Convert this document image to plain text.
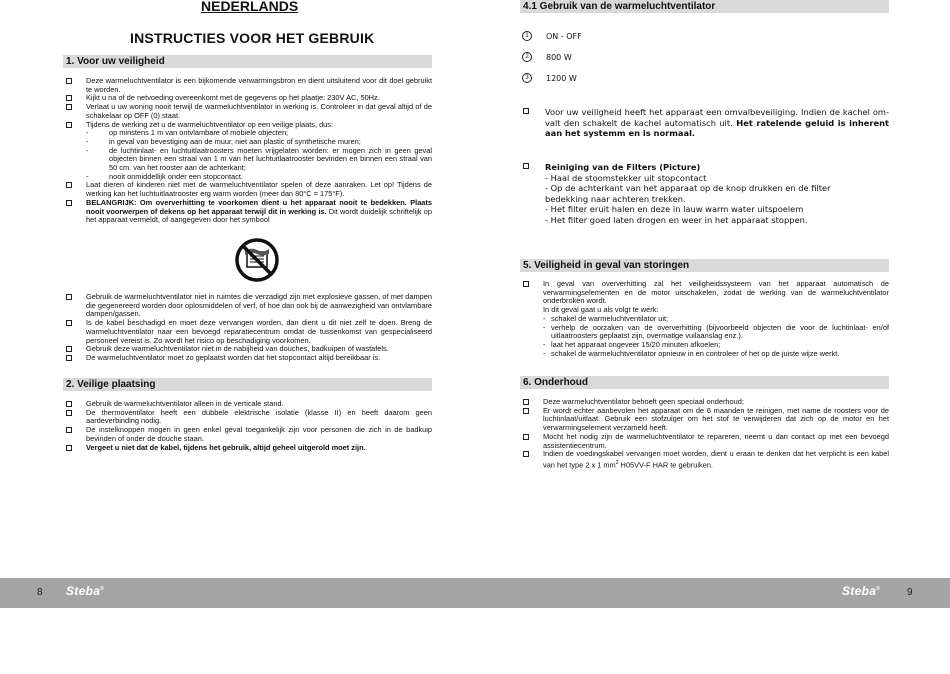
NEDERLANDS
INSTRUCTIES VOOR HET GEBRUIK
1. Voor uw veiligheid
Deze warmeluchtventilator is een bijkomende verwarmingsbron en dient uitsluitend voor dit doel gebruikt te worden.
Kijkt u na of de netvoeding overeenkomt met de gegevens op het plaatje: 230V AC, 50Hz.
Verlaat u uw woning nooit terwijl de warmeluchtventilator in werking is. Controleer in dat geval altijd of de schakelaar op OFF (0) staat.
Tijdens de werking zet u de warmeluchtventilator op een veilige plaats, dus:
-	op minstens 1 m van ontvlambare of mobiele objecten;
-	in geval van bevestiging aan de muur, niet aan plastic of synthetische muren;
-	de luchtinlaat- en luchtuitlaatroosters moeten vrijgelaten worden: er mogen zich in geen geval objecten binnen een straal van 1 m van het luchtuitlaatrooster bevinden en binnen een straal van 50 cm. van het rooster aan de achterkant;
-	nooit onmiddellijk onder een stopcontact.
Laat dieren of kinderen niet met de warmeluchtventilator spelen of deze aanraken. Let op! Tijdens de werking kan het luchtuitlaatrooster erg warm worden (meer dan 80°C = 175°F).
BELANGRIJK: Om oververhitting te voorkomen dient u het apparaat nooit te bedekken. Plaats nooit voorwerpen of dekens op het apparaat terwijl dit in werking is. Dit wordt duidelijk schriftelijk op het apparaat vermeldt, of aangegeven door het symbool
Gebruik de warmeluchtventilator niet in ruimtes die verzadigd zijn met explosieve gassen, of met dampen die gegenereerd worden door oplosmiddelen of verf, of hoe dan ook bij de aanwezigheid van ontvlambare dampen/gassen.
Is de kabel beschadigd en moet deze vervangen worden, dan dient u dit niet zelf te doen. Breng de warmeluchtventilator naar een bevoegd reparatiecentrum omdat de tussenkomst van gespecialiseerd personeel vereist is. Zo wordt het risico op beschadiging voorkomen.
Gebruik deze warmeluchtventilator niet in de nabijheid van douches, badkuipen of wastafels.
De warmeluchtventilator moet zo geplaatst worden dat het stopcontact altijd bereikbaar is.
2. Veilige plaatsing
Gebruik de warmeluchtventilator alleen in de verticale stand.
De thermoventilator heeft een dubbele elektrische isolatie (klasse II) en heeft daarom geen aardeverbinding nodig.
De instelknoppen mogen in geen enkel geval toegankelijk zijn voor personen die zich in de badkuip bevinden of onder de douche staan.
Vergeet u niet dat de kabel, tijdens het gebruik, altijd geheel uitgerold moet zijn.
4.1 Gebruik van de warmeluchtventilator
1	ON - OFF
2	800 W
3	1200 W
Voor uw veiligheid heeft het apparaat een omvalbeveiliging. Indien de kachel om-valt den schakelt de kachel automatisch uit. Het ratelende geluid is inherent aan het systemm en is normaal.
Reiniging van de Filters (Picture)
- Haal de stoomstekker uit stopcontact
- Op de achterkant van het apparaat op de knop drukken en de filter bedekking naar achteren trekken.
- Het filter eruit halen en deze in lauw warm water uitspoelem
- Het filter goed laten drogen en weer in het apparaat stoppen.
5. Veiligheid in geval van storingen
In geval van oververhitting zal het veiligheidssysteem van het apparaat automatisch de verwarmingselementen en de motor uitschakelen, zodat de werking van de warmeluchtventilator onderbroken wordt.
In dit geval gaat u als volgt te werk:
- schakel de warmeluchtventilator uit;
- verhelp de oorzaken van de oververhitting (bijvoorbeeld objecten die voor de luchtinlaat- en/of uitlaatroosters geplaatst zijn, overmatige vuilaanslag enz.).
- laat het apparaat ongeveer 15/20 minuten afkoelen;
- schakel de warmeluchtventilator opnieuw in en controleer of het op de juiste wijze werkt.
6. Onderhoud
Deze warmeluchtventilator behoeft geen speciaal onderhoud;
Er wordt echter aanbevolen het apparaat om de 6 maanden te reinigen, met name de roosters voor de luchtinlaat/uitlaat. Gebruik een stofzuiger om het stof te verwijderen dat zich op de motor en het verwarmingselement verzameld heeft.
Mocht het nodig zijn de warmeluchtventilator te repareren, neemt u dan contact op met een bevoegd assistentiecentrum.
Indien de voedingskabel vervangen moet worden, dient u eraan te denken dat het verplicht is een kabel van het type 2 x 1 $mm^2$ H05VV-F HAR te gebruiken.
8 Steba®	Steba®	9
